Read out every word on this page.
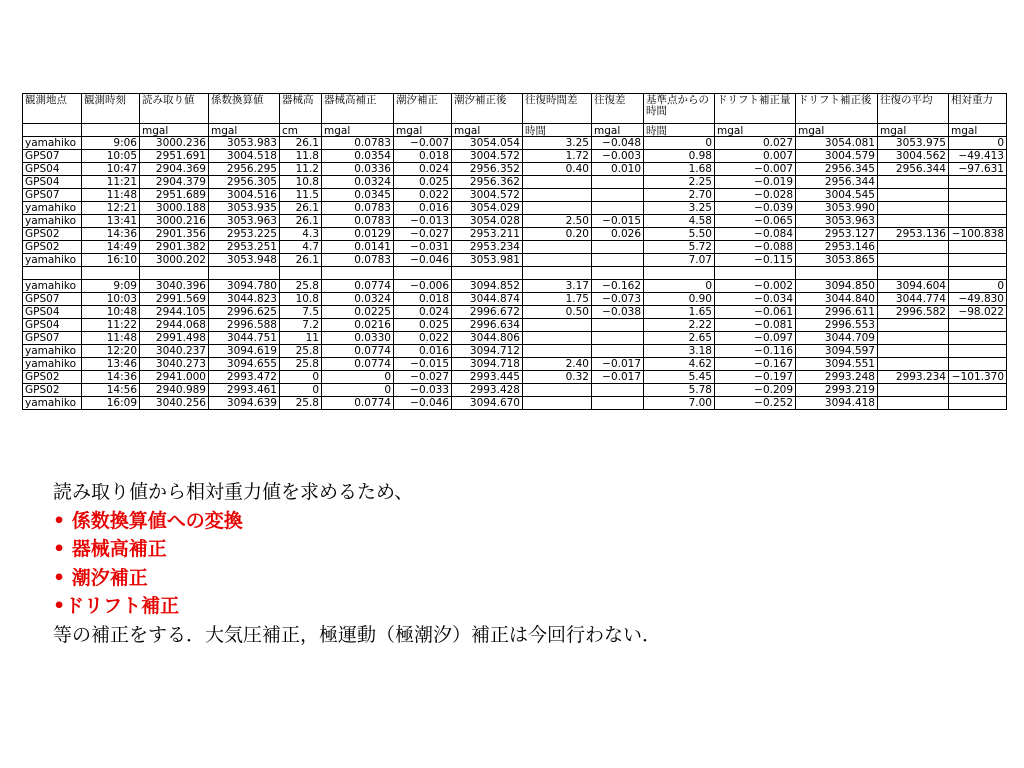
観測地点	観測時刻	読み取り値	係数換算値	器械高	器械高補正	潮汐補正	潮汐補正後	往復時間差	往復差	基準点からの時間	ドリフト補正量	ドリフト補正後	往復の平均	相対重力
		mgal	mgal	cm	mgal	mgal	mgal	時間	mgal	時間	mgal	mgal	mgal	mgal
yamahiko	9:06	3000.236	3053.983	26.1	0.0783	−0.007	3054.054	3.25	−0.048	0	0.027	3054.081	3053.975	0
GPS07	10:05	2951.691	3004.518	11.8	0.0354	0.018	3004.572	1.72	−0.003	0.98	0.007	3004.579	3004.562	−49.413
GPS04	10:47	2904.369	2956.295	11.2	0.0336	0.024	2956.352	0.40	0.010	1.68	−0.007	2956.345	2956.344	−97.631
GPS04	11:21	2904.379	2956.305	10.8	0.0324	0.025	2956.362			2.25	−0.019	2956.344		
GPS07	11:48	2951.689	3004.516	11.5	0.0345	0.022	3004.572			2.70	−0.028	3004.545		
yamahiko	12:21	3000.188	3053.935	26.1	0.0783	0.016	3054.029			3.25	−0.039	3053.990		
yamahiko	13:41	3000.216	3053.963	26.1	0.0783	−0.013	3054.028	2.50	−0.015	4.58	−0.065	3053.963		
GPS02	14:36	2901.356	2953.225	4.3	0.0129	−0.027	2953.211	0.20	0.026	5.50	−0.084	2953.127	2953.136	−100.838
GPS02	14:49	2901.382	2953.251	4.7	0.0141	−0.031	2953.234			5.72	−0.088	2953.146		
yamahiko	16:10	3000.202	3053.948	26.1	0.0783	−0.046	3053.981			7.07	−0.115	3053.865		

yamahiko	9:09	3040.396	3094.780	25.8	0.0774	−0.006	3094.852	3.17	−0.162	0	−0.002	3094.850	3094.604	0
GPS07	10:03	2991.569	3044.823	10.8	0.0324	0.018	3044.874	1.75	−0.073	0.90	−0.034	3044.840	3044.774	−49.830
GPS04	10:48	2944.105	2996.625	7.5	0.0225	0.024	2996.672	0.50	−0.038	1.65	−0.061	2996.611	2996.582	−98.022
GPS04	11:22	2944.068	2996.588	7.2	0.0216	0.025	2996.634			2.22	−0.081	2996.553		
GPS07	11:48	2991.498	3044.751	11	0.0330	0.022	3044.806			2.65	−0.097	3044.709		
yamahiko	12:20	3040.237	3094.619	25.8	0.0774	0.016	3094.712			3.18	−0.116	3094.597		
yamahiko	13:46	3040.273	3094.655	25.8	0.0774	−0.015	3094.718	2.40	−0.017	4.62	−0.167	3094.551		
GPS02	14:36	2941.000	2993.472	0	0	−0.027	2993.445	0.32	−0.017	5.45	−0.197	2993.248	2993.234	−101.370
GPS02	14:56	2940.989	2993.461	0	0	−0.033	2993.428			5.78	−0.209	2993.219		
yamahiko	16:09	3040.256	3094.639	25.8	0.0774	−0.046	3094.670			7.00	−0.252	3094.418		
読み取り値から相対重力値を求めるため、
• 係数換算値への変換
• 器械高補正
• 潮汐補正
•ドリフト補正
等の補正をする．大気圧補正，極運動（極潮汐）補正は今回行わない．
